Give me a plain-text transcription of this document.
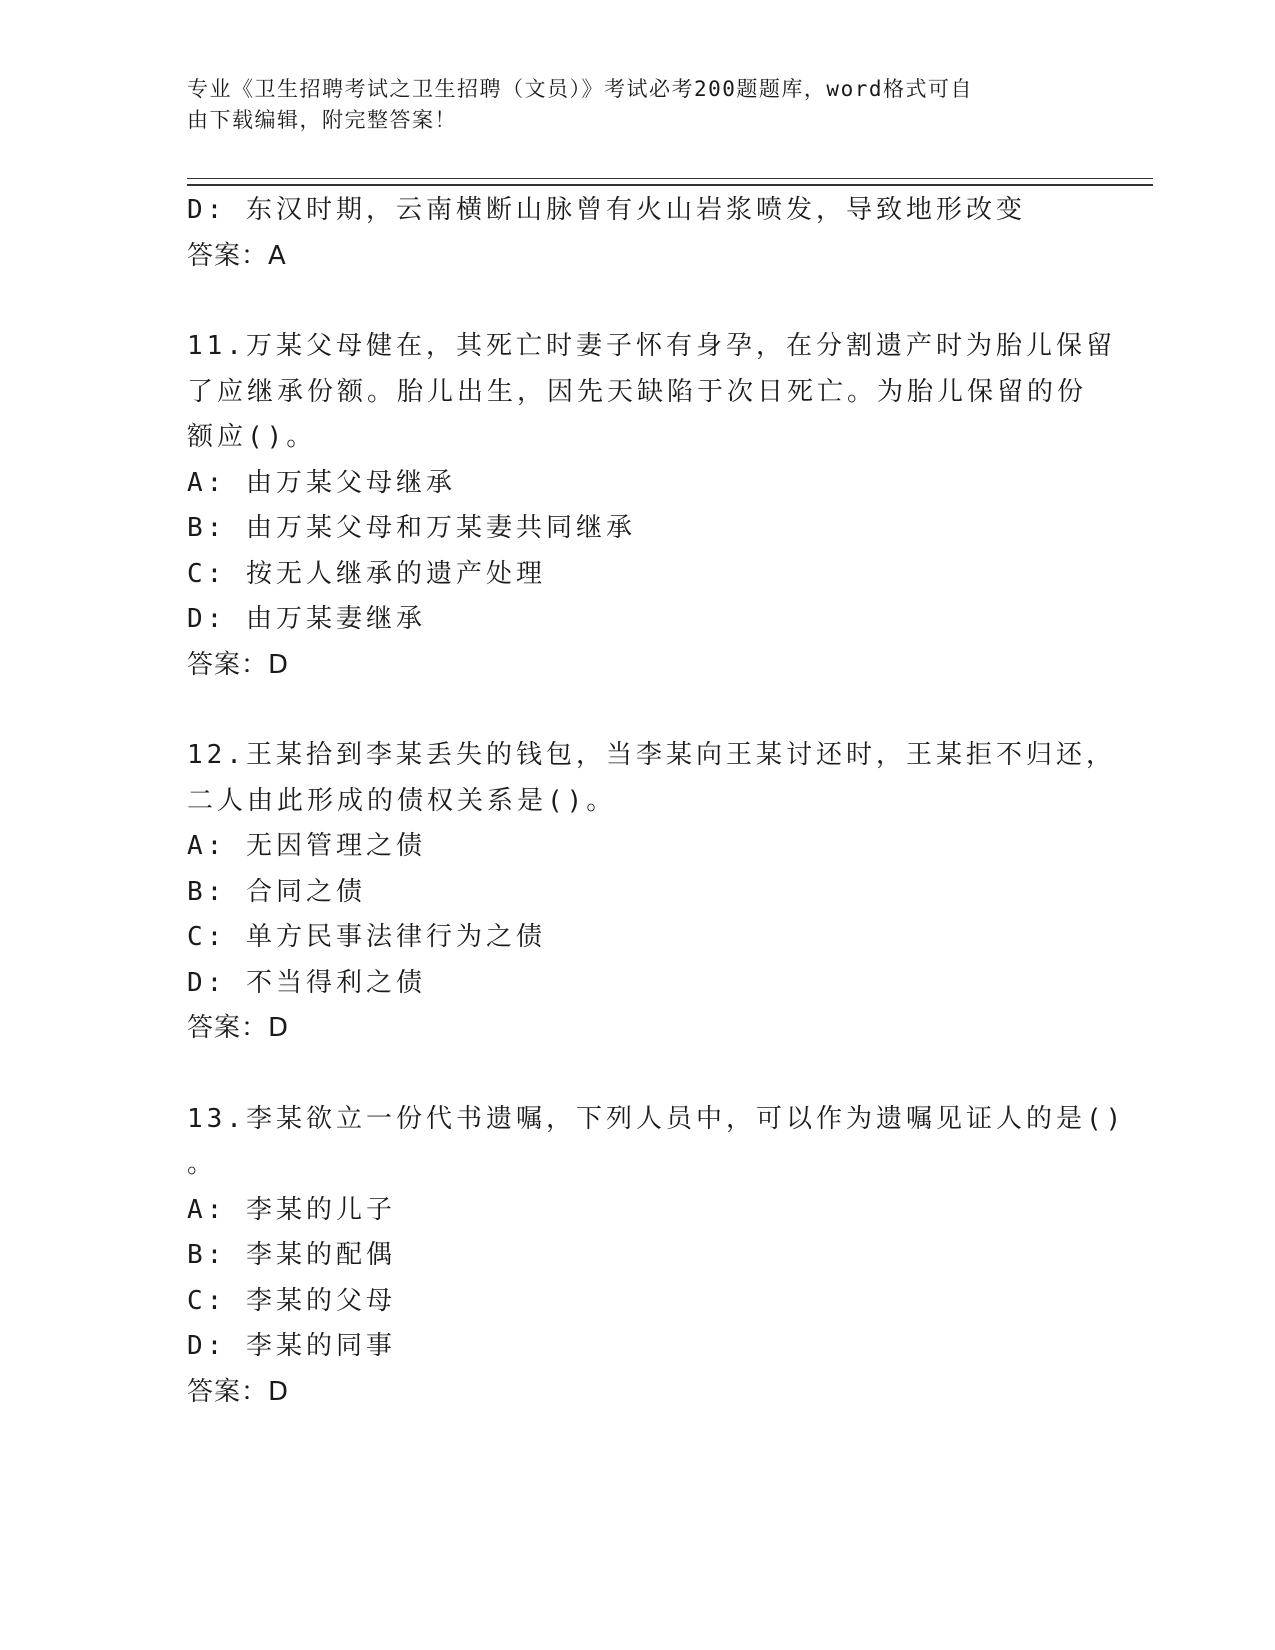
专业《卫生招聘考试之卫生招聘（文员）》考试必考200题题库，word格式可自
由下载编辑，附完整答案！
D: 东汉时期，云南横断山脉曾有火山岩浆喷发，导致地形改变
答案：A
11.万某父母健在，其死亡时妻子怀有身孕，在分割遗产时为胎儿保留
了应继承份额。胎儿出生，因先天缺陷于次日死亡。为胎儿保留的份
额应()。
A: 由万某父母继承
B: 由万某父母和万某妻共同继承
C: 按无人继承的遗产处理
D: 由万某妻继承
答案：D
12.王某拾到李某丢失的钱包，当李某向王某讨还时，王某拒不归还，
二人由此形成的债权关系是()。
A: 无因管理之债
B: 合同之债
C: 单方民事法律行为之债
D: 不当得利之债
答案：D
13.李某欲立一份代书遗嘱，下列人员中，可以作为遗嘱见证人的是()
。
A: 李某的儿子
B: 李某的配偶
C: 李某的父母
D: 李某的同事
答案：D
